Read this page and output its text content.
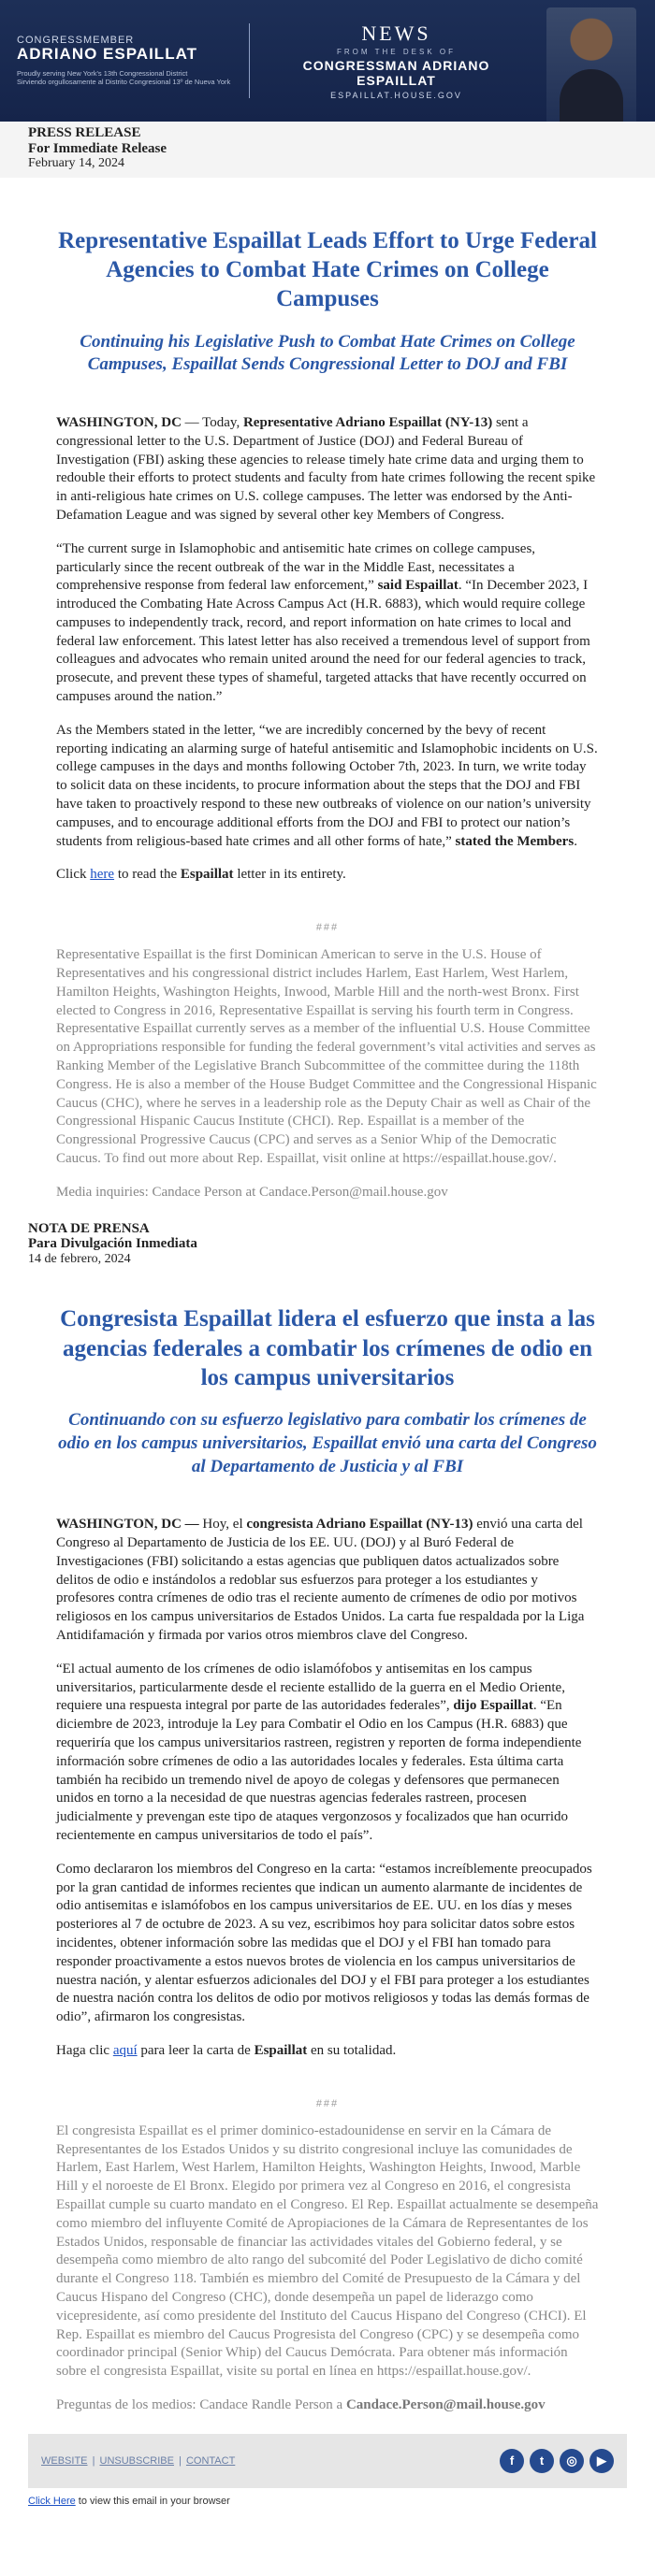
CONGRESSMEMBER
ADRIANO ESPAILLAT
Proudly serving New York's 13th Congressional District
Sirviendo orgullosamente al Distrito Congresional 13º de Nueva York
NEWS
FROM THE DESK OF
CONGRESSMAN ADRIANO ESPAILLAT
ESPAILLAT.HOUSE.GOV
PRESS RELEASE
For Immediate Release
February 14, 2024
Representative Espaillat Leads Effort to Urge Federal Agencies to Combat Hate Crimes on College Campuses
Continuing his Legislative Push to Combat Hate Crimes on College Campuses, Espaillat Sends Congressional Letter to DOJ and FBI

WASHINGTON, DC — Today, Representative Adriano Espaillat (NY-13) sent a congressional letter to the U.S. Department of Justice (DOJ) and Federal Bureau of Investigation (FBI) asking these agencies to release timely hate crime data and urging them to redouble their efforts to protect students and faculty from hate crimes following the recent spike in anti-religious hate crimes on U.S. college campuses. The letter was endorsed by the Anti-Defamation League and was signed by several other key Members of Congress.

“The current surge in Islamophobic and antisemitic hate crimes on college campuses, particularly since the recent outbreak of the war in the Middle East, necessitates a comprehensive response from federal law enforcement,” said Espaillat. “In December 2023, I introduced the Combating Hate Across Campus Act (H.R. 6883), which would require college campuses to independently track, record, and report information on hate crimes to local and federal law enforcement. This latest letter has also received a tremendous level of support from colleagues and advocates who remain united around the need for our federal agencies to track, prosecute, and prevent these types of shameful, targeted attacks that have recently occurred on campuses around the nation.”

As the Members stated in the letter, “we are incredibly concerned by the bevy of recent reporting indicating an alarming surge of hateful antisemitic and Islamophobic incidents on U.S. college campuses in the days and months following October 7th, 2023. In turn, we write today to solicit data on these incidents, to procure information about the steps that the DOJ and FBI have taken to proactively respond to these new outbreaks of violence on our nation’s university campuses, and to encourage additional efforts from the DOJ and FBI to protect our nation’s students from religious-based hate crimes and all other forms of hate,” stated the Members.

Click here to read the Espaillat letter in its entirety.

###

Representative Espaillat is the first Dominican American to serve in the U.S. House of Representatives and his congressional district includes Harlem, East Harlem, West Harlem, Hamilton Heights, Washington Heights, Inwood, Marble Hill and the north-west Bronx. First elected to Congress in 2016, Representative Espaillat is serving his fourth term in Congress. Representative Espaillat currently serves as a member of the influential U.S. House Committee on Appropriations responsible for funding the federal government’s vital activities and serves as Ranking Member of the Legislative Branch Subcommittee of the committee during the 118th Congress. He is also a member of the House Budget Committee and the Congressional Hispanic Caucus (CHC), where he serves in a leadership role as the Deputy Chair as well as Chair of the Congressional Hispanic Caucus Institute (CHCI). Rep. Espaillat is a member of the Congressional Progressive Caucus (CPC) and serves as a Senior Whip of the Democratic Caucus. To find out more about Rep. Espaillat, visit online at https://espaillat.house.gov/.

Media inquiries: Candace Person at Candace.Person@mail.house.gov

NOTA DE PRENSA
Para Divulgación Inmediata
14 de febrero, 2024
Congresista Espaillat lidera el esfuerzo que insta a las agencias federales a combatir los crímenes de odio en los campus universitarios
Continuando con su esfuerzo legislativo para combatir los crímenes de odio en los campus universitarios, Espaillat envió una carta del Congreso al Departamento de Justicia y al FBI

WASHINGTON, DC — Hoy, el congresista Adriano Espaillat (NY-13) envió una carta del Congreso al Departamento de Justicia de los EE. UU. (DOJ) y al Buró Federal de Investigaciones (FBI) solicitando a estas agencias que publiquen datos actualizados sobre delitos de odio e instándolos a redoblar sus esfuerzos para proteger a los estudiantes y profesores contra crímenes de odio tras el reciente aumento de crímenes de odio por motivos religiosos en los campus universitarios de Estados Unidos. La carta fue respaldada por la Liga Antidifamación y firmada por varios otros miembros clave del Congreso.

“El actual aumento de los crímenes de odio islamófobos y antisemitas en los campus universitarios, particularmente desde el reciente estallido de la guerra en el Medio Oriente, requiere una respuesta integral por parte de las autoridades federales”, dijo Espaillat. “En diciembre de 2023, introduje la Ley para Combatir el Odio en los Campus (H.R. 6883) que requeriría que los campus universitarios rastreen, registren y reporten de forma independiente información sobre crímenes de odio a las autoridades locales y federales. Esta última carta también ha recibido un tremendo nivel de apoyo de colegas y defensores que permanecen unidos en torno a la necesidad de que nuestras agencias federales rastreen, procesen judicialmente y prevengan este tipo de ataques vergonzosos y focalizados que han ocurrido recientemente en campus universitarios de todo el país”.

Como declararon los miembros del Congreso en la carta: “estamos increíblemente preocupados por la gran cantidad de informes recientes que indican un aumento alarmante de incidentes de odio antisemitas e islamófobos en los campus universitarios de EE. UU. en los días y meses posteriores al 7 de octubre de 2023. A su vez, escribimos hoy para solicitar datos sobre estos incidentes, obtener información sobre las medidas que el DOJ y el FBI han tomado para responder proactivamente a estos nuevos brotes de violencia en los campus universitarios de nuestra nación, y alentar esfuerzos adicionales del DOJ y el FBI para proteger a los estudiantes de nuestra nación contra los delitos de odio por motivos religiosos y todas las demás formas de odio”, afirmaron los congresistas.

Haga clic aquí para leer la carta de Espaillat en su totalidad.

###

El congresista Espaillat es el primer dominico-estadounidense en servir en la Cámara de Representantes de los Estados Unidos y su distrito congresional incluye las comunidades de Harlem, East Harlem, West Harlem, Hamilton Heights, Washington Heights, Inwood, Marble Hill y el noroeste de El Bronx. Elegido por primera vez al Congreso en 2016, el congresista Espaillat cumple su cuarto mandato en el Congreso. El Rep. Espaillat actualmente se desempeña como miembro del influyente Comité de Apropiaciones de la Cámara de Representantes de los Estados Unidos, responsable de financiar las actividades vitales del Gobierno federal, y se desempeña como miembro de alto rango del subcomité del Poder Legislativo de dicho comité durante el Congreso 118. También es miembro del Comité de Presupuesto de la Cámara y del Caucus Hispano del Congreso (CHC), donde desempeña un papel de liderazgo como vicepresidente, así como presidente del Instituto del Caucus Hispano del Congreso (CHCI). El Rep. Espaillat es miembro del Caucus Progresista del Congreso (CPC) y se desempeña como coordinador principal (Senior Whip) del Caucus Demócrata. Para obtener más información sobre el congresista Espaillat, visite su portal en línea en https://espaillat.house.gov/.

Preguntas de los medios: Candace Randle Person a Candace.Person@mail.house.gov

WEBSITE | UNSUBSCRIBE | CONTACT	f	t	◎	▶
Click Here to view this email in your browser
